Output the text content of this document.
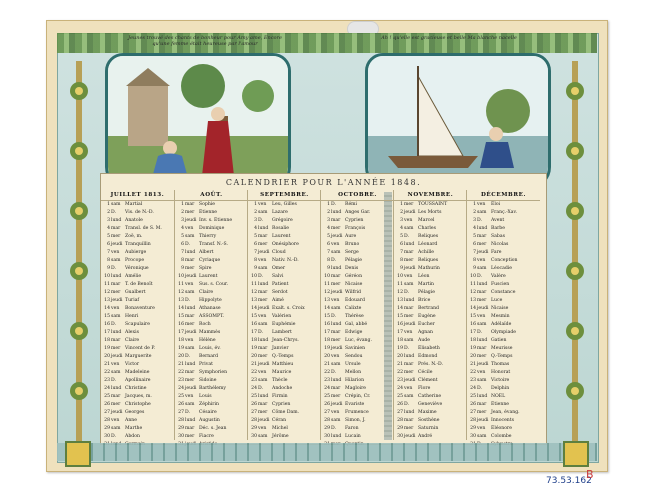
Jeunes trouvé des chants de bonheur pour Amy ame, Encore qu'une femme était heureuse par l'amour
Ah ! qu'elle est gracieuse et belle Ma blanche nacelle
CALENDRIER POUR L'ANNÉE 1848.
JUILLET 1813.
1sam Martial
2D. Vis. de N.-D.
3lund Anatole
4mar Transl. de S. M.
5mer Zoë, m.
6jeudi Tranquillin
7ven Aubierge
8sam Procope
9D. Véronique
10lund Amélie
11mar T. de Benoît
12mer Gualbert
13jeudi Turiaf
14ven Bonaventure
15sam Henri
16D. Scapulaire
17lund Alexis
18mar Claire
19mer Vincent de P.
20jeudi Marguerite
21ven Victor
22sam Madeleine
23D. Apollinaire
24lund Christine
25mar Jacques, m.
26mer Christophe
27jeudi Georges
28ven Anne
29sam Marthe
30D. Abdon
AOÛT.
1mar Sophie
2mer Étienne
3jeudi Inv. s. Étienne
4ven Dominique
5sam Thierry
6D. Transf. N.-S.
7lund Albert
8mar Cyriaque
9mer Spire
10jeudi Laurent
11ven Sus. s. Cour.
12sam Claire
13D. Hippolyte
14lund Athanase
15mar ASSOMPT.
16mer Roch
17jeudi Mammès
18ven Hélène
19sam Louis, év.
20D. Bernard
21lund Privat
22mar Symphorien
23mer Sidoine
24jeudi Barthélemy
25ven Louis
26sam Zéphirin
27D. Césaire
28lund Augustin
29mar Déc. s. Jean
30mer Fiacre
SEPTEMBRE.
1ven Leu, Gilles
2sam Lazare
3D. Grégoire
4lund Rosalie
5mar Laurent
6mer Onésiphore
7jeudi Cloud
8ven Nativ. N.-D.
9sam Omer
10D. Salvi
11lund Patient
12mar Serdot
13mer Aimé
14jeudi Exalt. s. Croix
15ven Valérien
16sam Euphémie
17D. Lambert
18lund Jean-Chrys.
19mar Janvier
20mer Q.-Temps
21jeudi Matthieu
22ven Maurice
23sam Thècle
24D. Andoche
25lund Firmin
26mar Cyprien
27mer Côme Dam.
28jeudi Céran
29ven Michel
30sam Jérôme
OCTOBRE.
1D. Rémi
2lund Anges Gar.
3mar Cyprien
4mer François
5jeudi Aure
6ven Bruno
7sam Serge
8D. Pélagie
9lund Denis
10mar Géréon
11mer Nicaise
12jeudi Wilfrid
13ven Édouard
14sam Calixte
15D. Thérèse
16lund Gal, abbé
17mar Edwige
18mer Luc, évang.
19jeudi Savinien
20ven Sendou
21sam Ursule
22D. Mellon
23lund Hilarion
24mar Magloire
25mer Crépin, Cr.
26jeudi Évariste
27ven Frumence
28sam Simon, J.
29D. Faron
30lund Lucain
NOVEMBRE.
1mer TOUSSAINT
2jeudi Les Morts
3ven Marcel
4sam Charles
5D. Reliques
6lund Léonard
7mar Achille
8mer Reliques
9jeudi Mathurin
10ven Léon
11sam Martin
12D. Pélagie
13lund Brice
14mar Bertrand
15mer Eugène
16jeudi Eucher
17ven Agnan
18sam Aude
19D. Élisabeth
20lund Edmond
21mar Prés. N.-D.
22mer Cécile
23jeudi Clément
24ven Flore
25sam Catherine
26D. Geneviève
27lund Maxime
28mar Sosthène
29mer Saturnin
30jeudi André
DÉCEMBRE.
1ven Éloi
2sam Franç.-Xav.
3D. Avent
4lund Barbe
5mar Sabas
6mer Nicolas
7jeudi Fare
8ven Conception
9sam Léocadie
10D. Valère
11lund Fuscien
12mar Constance
13mer Luce
14jeudi Nicaise
15ven Mesmin
16sam Adélaïde
17D. Olympiade
18lund Gatien
19mar Meurisse
20mer Q.-Temps
21jeudi Thomas
22ven Honorat
23sam Victoire
24D. Delphin
25lund NOËL
26mar Étienne
27mer Jean, évang.
28jeudi Innocents
29ven Éléonore
30sam Colombe
73.53.162
B
